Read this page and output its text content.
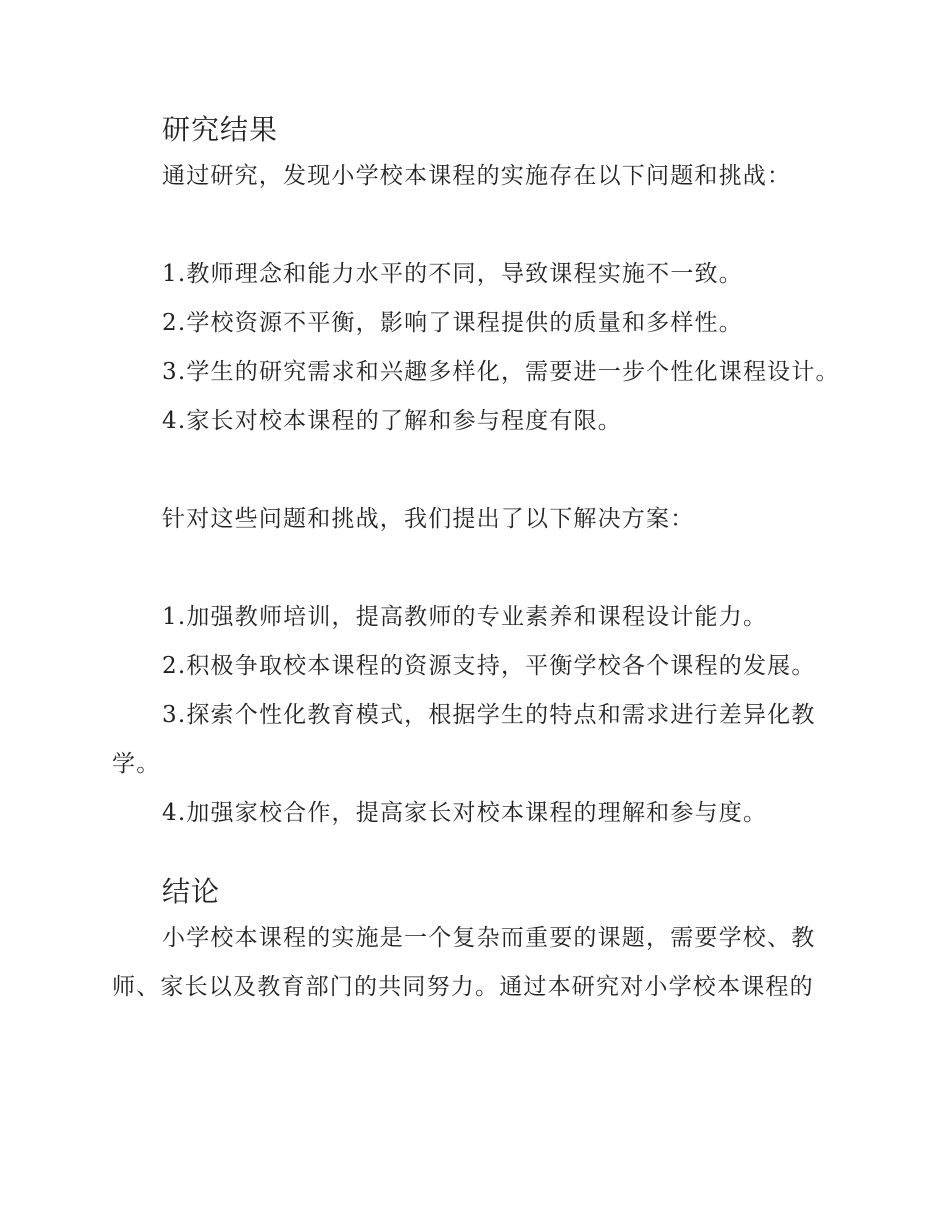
研究结果

通过研究，发现小学校本课程的实施存在以下问题和挑战：

1.教师理念和能力水平的不同，导致课程实施不一致。

2.学校资源不平衡，影响了课程提供的质量和多样性。

3.学生的研究需求和兴趣多样化，需要进一步个性化课程设计。

4.家长对校本课程的了解和参与程度有限。

针对这些问题和挑战，我们提出了以下解决方案：

1.加强教师培训，提高教师的专业素养和课程设计能力。

2.积极争取校本课程的资源支持，平衡学校各个课程的发展。

3.探索个性化教育模式，根据学生的特点和需求进行差异化教学。

4.加强家校合作，提高家长对校本课程的理解和参与度。

结论

小学校本课程的实施是一个复杂而重要的课题，需要学校、教师、家长以及教育部门的共同努力。通过本研究对小学校本课程的
